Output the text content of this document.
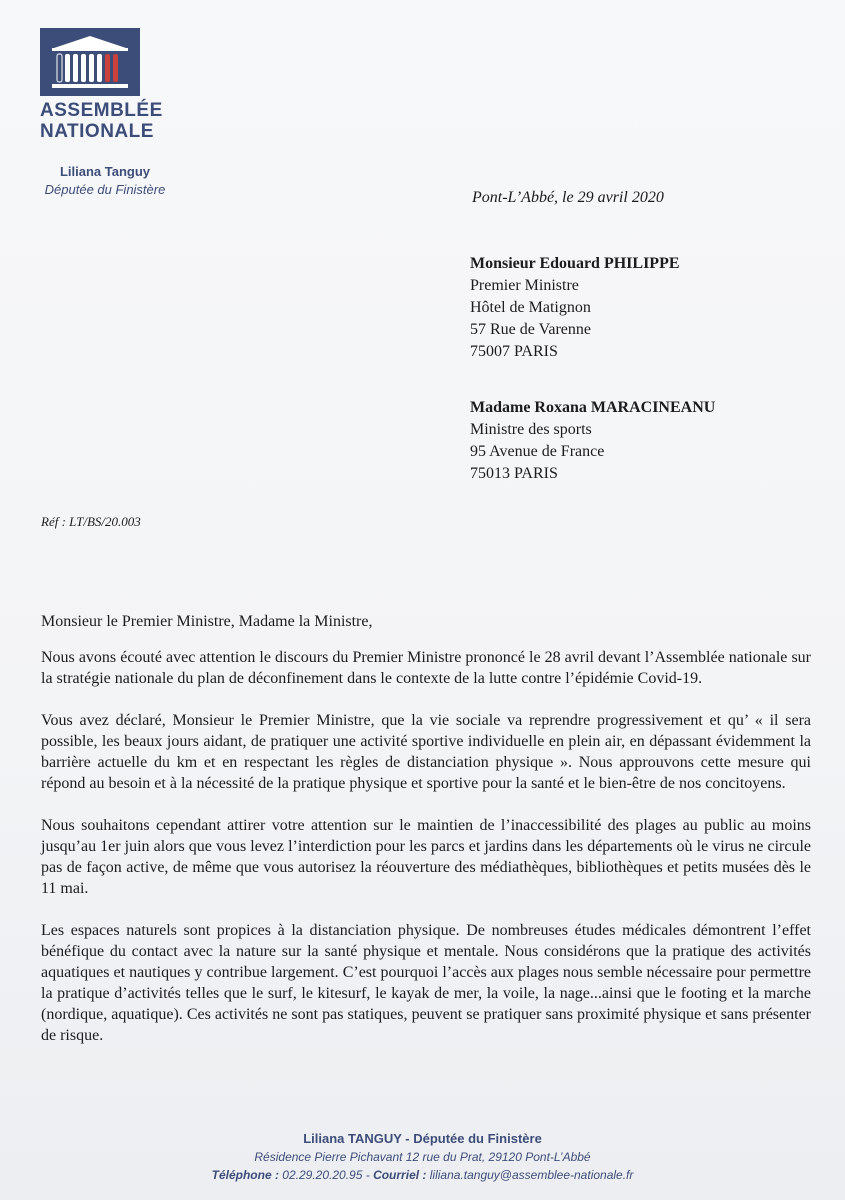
ASSEMBLÉE
NATIONALE
Liliana Tanguy
Députée du Finistère	Pont-L’Abbé, le 29 avril 2020
Monsieur Edouard PHILIPPE
Premier Ministre
Hôtel de Matignon
57 Rue de Varenne
75007 PARIS
Madame Roxana MARACINEANU
Ministre des sports
95 Avenue de France
75013 PARIS
Réf : LT/BS/20.003
Monsieur le Premier Ministre, Madame la Ministre,

Nous avons écouté avec attention le discours du Premier Ministre prononcé le 28 avril devant l’Assemblée nationale sur la stratégie nationale du plan de déconfinement dans le contexte de la lutte contre l’épidémie Covid-19.

Vous avez déclaré, Monsieur le Premier Ministre, que la vie sociale va reprendre progressivement et qu’ « il sera possible, les beaux jours aidant, de pratiquer une activité sportive individuelle en plein air, en dépassant évidemment la barrière actuelle du km et en respectant les règles de distanciation physique ». Nous approuvons cette mesure qui répond au besoin et à la nécessité de la pratique physique et sportive pour la santé et le bien-être de nos concitoyens.

Nous souhaitons cependant attirer votre attention sur le maintien de l’inaccessibilité des plages au public au moins jusqu’au 1er juin alors que vous levez l’interdiction pour les parcs et jardins dans les départements où le virus ne circule pas de façon active, de même que vous autorisez la réouverture des médiathèques, bibliothèques et petits musées dès le 11 mai.

Les espaces naturels sont propices à la distanciation physique. De nombreuses études médicales démontrent l’effet bénéfique du contact avec la nature sur la santé physique et mentale. Nous considérons que la pratique des activités aquatiques et nautiques y contribue largement. C’est pourquoi l’accès aux plages nous semble nécessaire pour permettre la pratique d’activités telles que le surf, le kitesurf, le kayak de mer, la voile, la nage...ainsi que le footing et la marche (nordique, aquatique). Ces activités ne sont pas statiques, peuvent se pratiquer sans proximité physique et sans présenter de risque.

Liliana TANGUY - Députée du Finistère
Résidence Pierre Pichavant 12 rue du Prat, 29120 Pont-L’Abbé
Téléphone : 02.29.20.20.95 - Courriel : liliana.tanguy@assemblee-nationale.fr
